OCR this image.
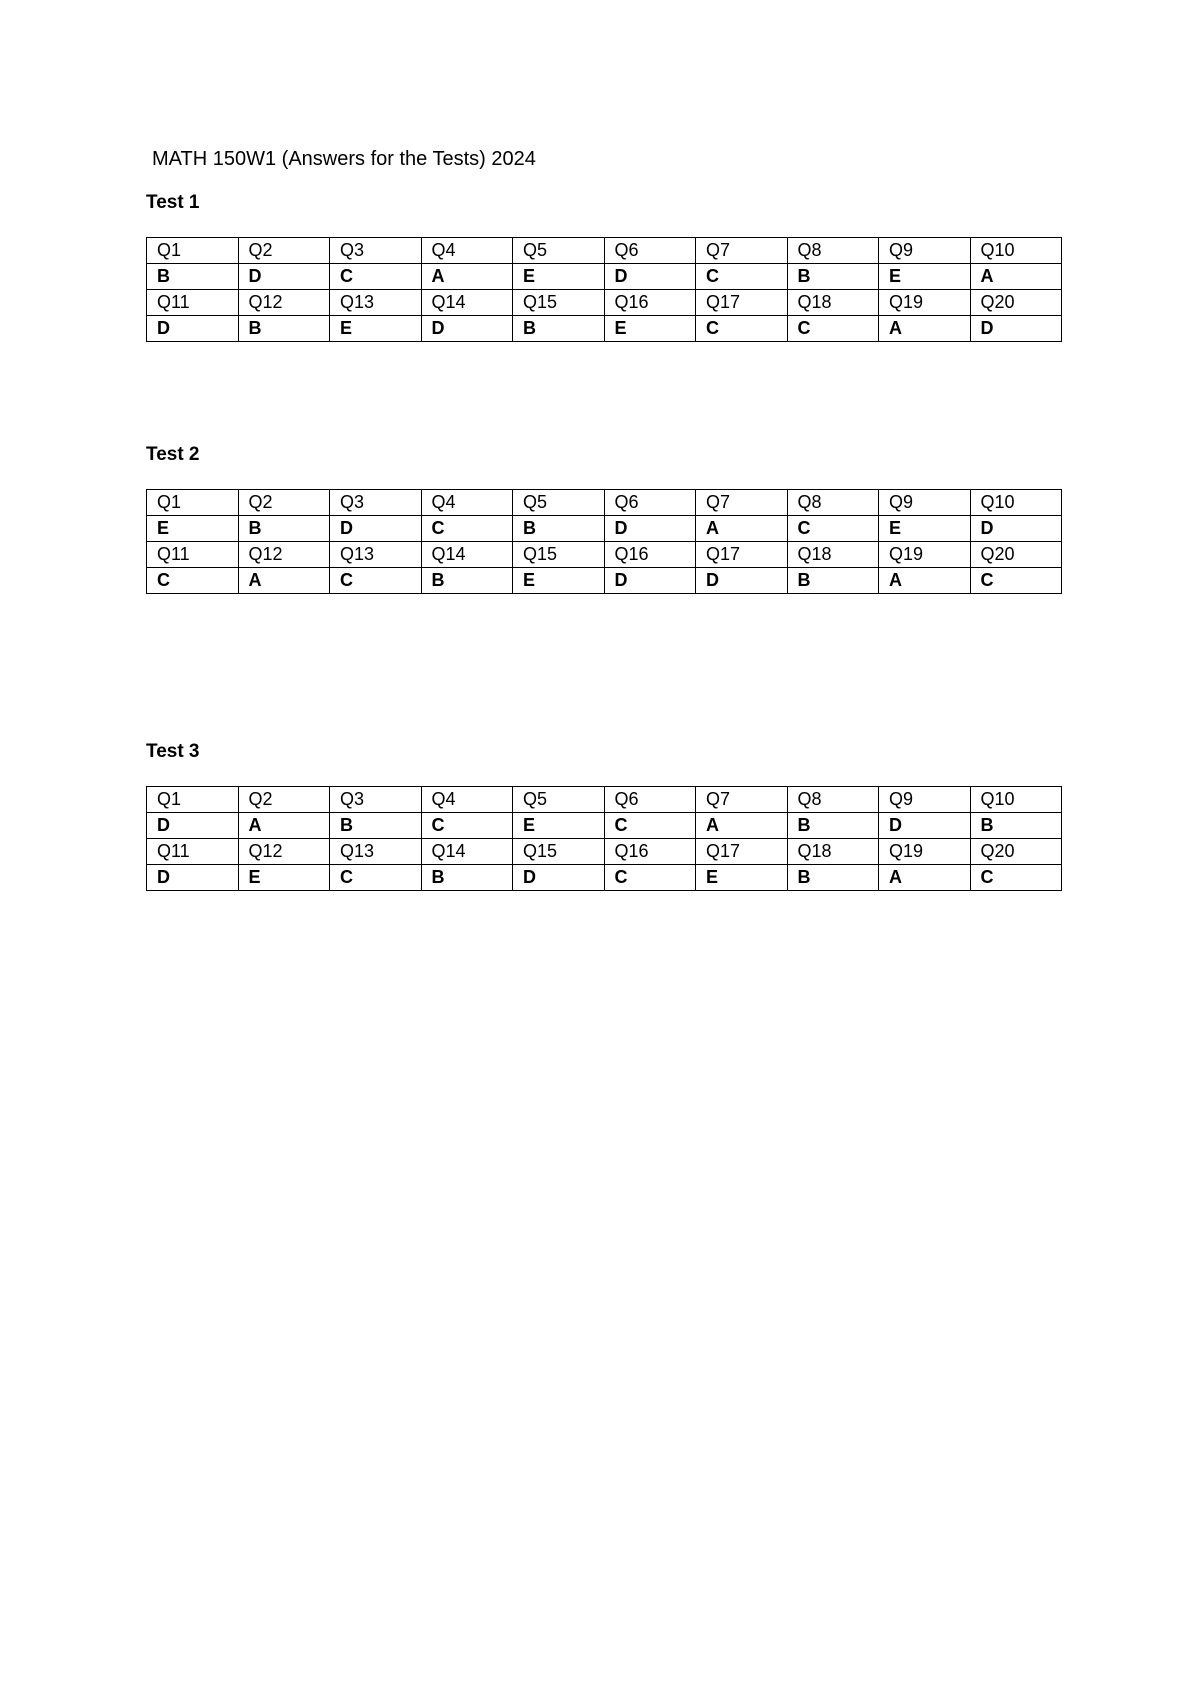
MATH 150W1 (Answers for the Tests) 2024
Test 1
Q1	Q2	Q3	Q4	Q5	Q6	Q7	Q8	Q9	Q10
B	D	C	A	E	D	C	B	E	A
Q11	Q12	Q13	Q14	Q15	Q16	Q17	Q18	Q19	Q20
D	B	E	D	B	E	C	C	A	D
Test 2
Q1	Q2	Q3	Q4	Q5	Q6	Q7	Q8	Q9	Q10
E	B	D	C	B	D	A	C	E	D
Q11	Q12	Q13	Q14	Q15	Q16	Q17	Q18	Q19	Q20
C	A	C	B	E	D	D	B	A	C
Test 3
Q1	Q2	Q3	Q4	Q5	Q6	Q7	Q8	Q9	Q10
D	A	B	C	E	C	A	B	D	B
Q11	Q12	Q13	Q14	Q15	Q16	Q17	Q18	Q19	Q20
D	E	C	B	D	C	E	B	A	C
